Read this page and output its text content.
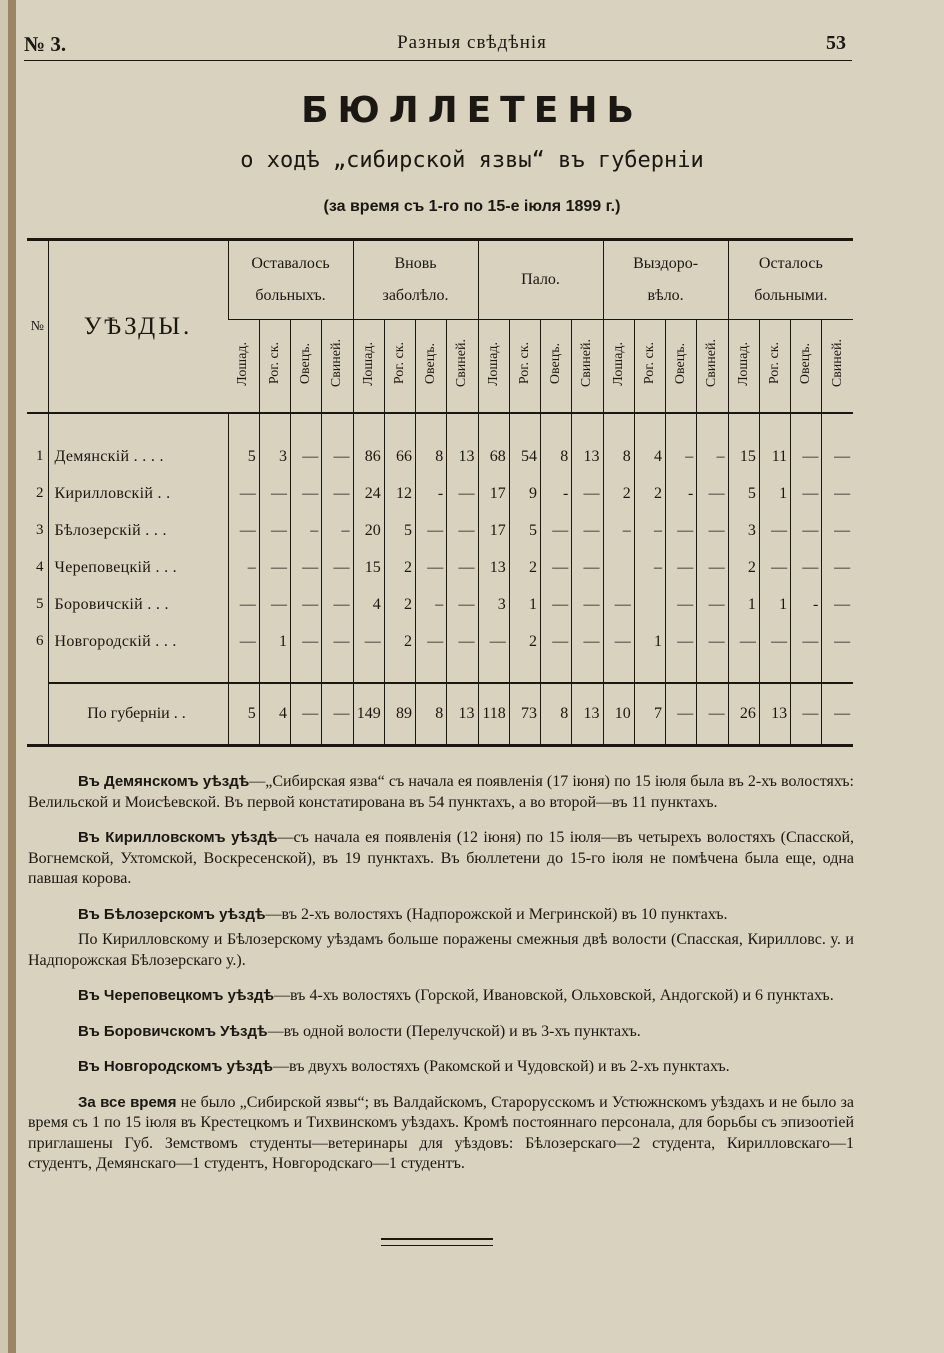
№ 3.	Разныя свѣдѣнія	53
БЮЛЛЕТЕНЬ
о ходѣ „сибирской язвы“ въ губерніи
(за время съ 1-го по 15-е іюля 1899 г.)
№	УѢЗДЫ.	Оставалось
больныхъ.				Вновь
заболѣло.				Пало.				Выздоро-
вѣло.				Осталось
больными.			
		Лошад.	Рог. ск.	Овецъ.	Свиней.	Лошад.	Рог. ск.	Овецъ.	Свиней.	Лошад.	Рог. ск.	Овецъ.	Свиней.	Лошад.	Рог. ск.	Овецъ.	Свиней.	Лошад.	Рог. ск.	Овецъ.	Свиней.

1	Демянскій . . . .	5	3	—	—	86	66	8	13	68	54	8	13	8	4	–	–	15	11	—	—
2	Кирилловскій . .	—	—	—	—	24	12	-	—	17	9	-	—	2	2	-	—	5	1	—	—
3	Бѣлозерскій . . .	—	—	–	–	20	5	—	—	17	5	—	—	–	–	—	—	3	—	—	—
4	Череповецкій . . .	–	—	—	—	15	2	—	—	13	2	—	—		–	—	—	2	—	—	—
5	Боровичскій . . .	—	—	—	—	4	2	–	—	3	1	—	—	—		—	—	1	1	-	—
6	Новгородскій . . .	—	1	—	—	—	2	—	—	—	2	—	—	—	1	—	—	—	—	—	—

	По губерніи . .	5	4	—	—	149	89	8	13	118	73	8	13	10	7	—	—	26	13	—	—

Въ Демянскомъ уѣздѣ—„Сибирская язва“ съ начала ея появленія (17 іюня) по 15 іюля была въ 2-хъ волостяхъ: Велильской и Моисѣевской. Въ первой констатирована въ 54 пунктахъ, а во второй—въ 11 пунктахъ.

Въ Кирилловскомъ уѣздѣ—съ начала ея появленія (12 іюня) по 15 іюля—въ четырехъ волостяхъ (Спасской, Вогнемской, Ухтомской, Воскресенской), въ 19 пунктахъ. Въ бюллетени до 15-го іюля не помѣчена была еще, одна павшая корова.

Въ Бѣлозерскомъ уѣздѣ—въ 2-хъ волостяхъ (Надпорожской и Мегринской) въ 10 пунктахъ.

По Кирилловскому и Бѣлозерскому уѣздамъ больше поражены смежныя двѣ волости (Спасская, Кирилловс. у. и Надпорожская Бѣлозерскаго у.).

Въ Череповецкомъ уѣздѣ—въ 4-хъ волостяхъ (Горской, Ивановской, Ольховской, Андогской) и 6 пунктахъ.

Въ Боровичскомъ Уѣздѣ—въ одной волости (Перелучской) и въ 3-хъ пунктахъ.

Въ Новгородскомъ уѣздѣ—въ двухъ волостяхъ (Ракомской и Чудовской) и въ 2-хъ пунктахъ.

За все время не было „Сибирской язвы“; въ Валдайскомъ, Старорусскомъ и Устюжнскомъ уѣздахъ и не было за время съ 1 по 15 іюля въ Крестецкомъ и Тихвинскомъ уѣздахъ. Кромѣ постояннаго персонала, для борьбы съ эпизоотіей приглашены Губ. Земствомъ студенты—ветеринары для уѣздовъ: Бѣлозерскаго—2 студента, Кирилловскаго—1 студентъ, Демянскаго—1 студентъ, Новгородскаго—1 студентъ.
